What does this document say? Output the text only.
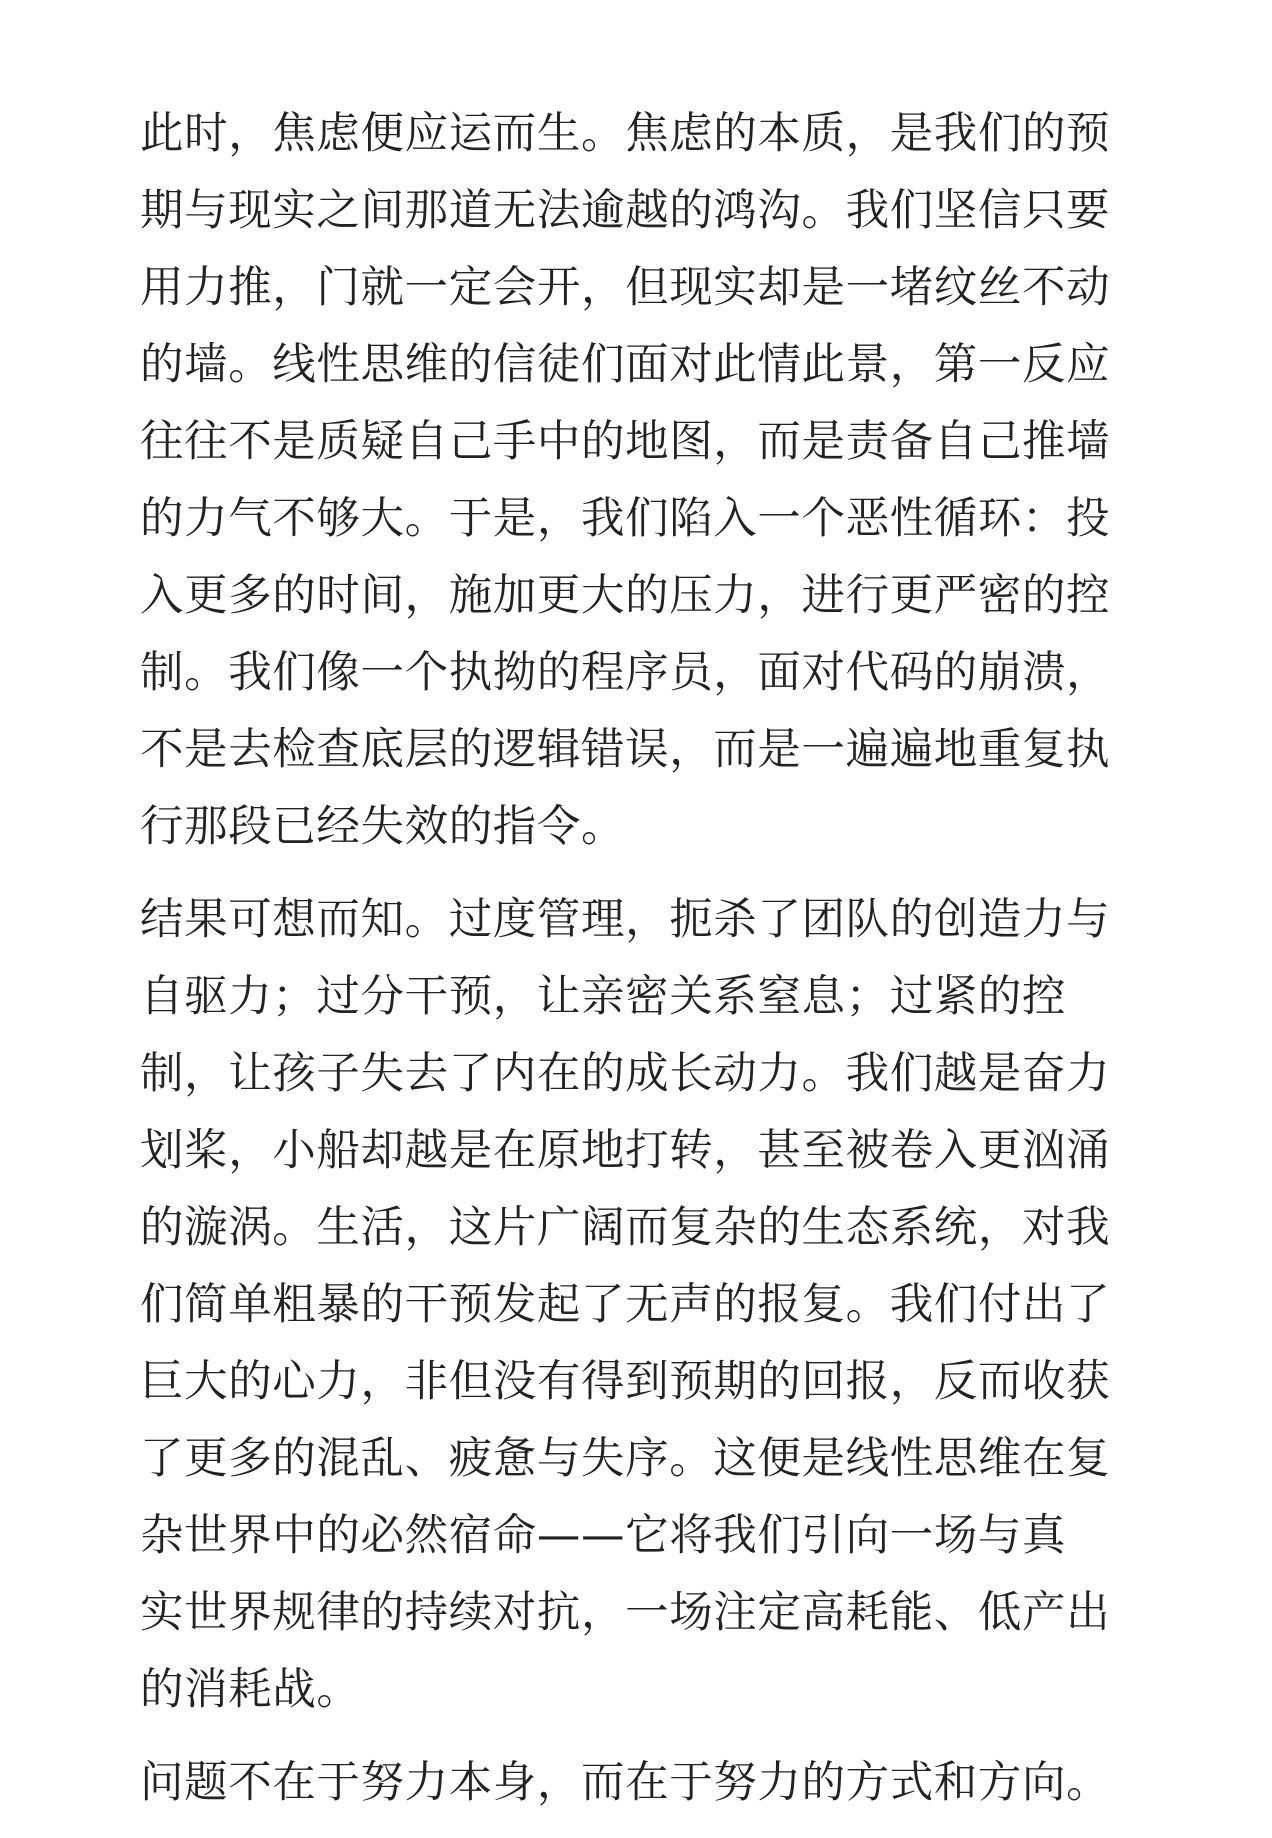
此时，焦虑便应运而生。焦虑的本质，是我们的预
期与现实之间那道无法逾越的鸿沟。我们坚信只要
用力推，门就一定会开，但现实却是一堵纹丝不动
的墙。线性思维的信徒们面对此情此景，第一反应
往往不是质疑自己手中的地图，而是责备自己推墙
的力气不够大。于是，我们陷入一个恶性循环：投
入更多的时间，施加更大的压力，进行更严密的控
制。我们像一个执拗的程序员，面对代码的崩溃，
不是去检查底层的逻辑错误，而是一遍遍地重复执
行那段已经失效的指令。
结果可想而知。过度管理，扼杀了团队的创造力与
自驱力；过分干预，让亲密关系窒息；过紧的控
制，让孩子失去了内在的成长动力。我们越是奋力
划桨，小船却越是在原地打转，甚至被卷入更汹涌
的漩涡。生活，这片广阔而复杂的生态系统，对我
们简单粗暴的干预发起了无声的报复。我们付出了
巨大的心力，非但没有得到预期的回报，反而收获
了更多的混乱、疲惫与失序。这便是线性思维在复
杂世界中的必然宿命——它将我们引向一场与真
实世界规律的持续对抗，一场注定高耗能、低产出
的消耗战。
问题不在于努力本身，而在于努力的方式和方向。
